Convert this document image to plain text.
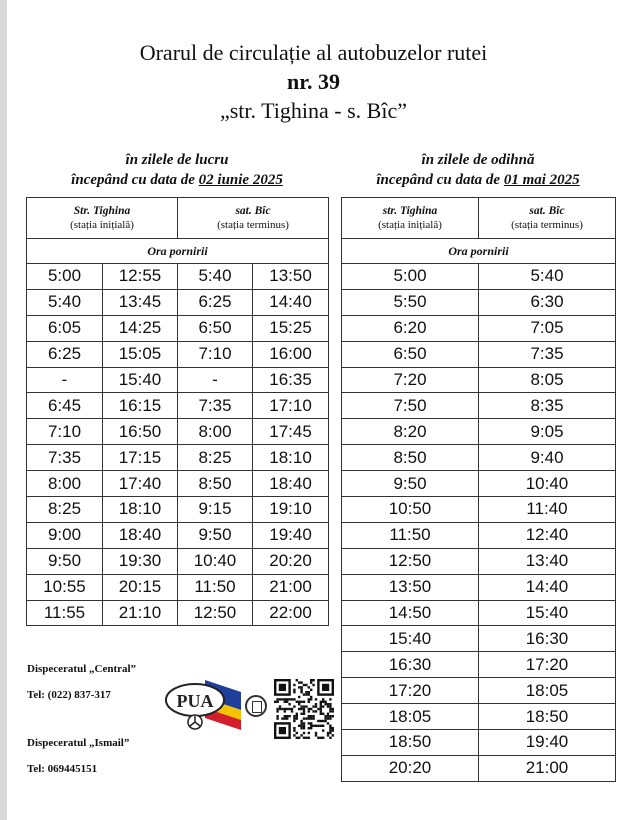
Orarul de circulație al autobuzelor rutei
nr. 39
„str. Tighina - s. Bîc”
în zilele de lucru
începând cu data de 02 iunie 2025
în zilele de odihnă
începând cu data de 01 mai 2025
Str. Tighina
(stația inițială)		sat. Bîc
(stația terminus)	
Ora pornirii			
5:00	12:55	5:40	13:50
5:40	13:45	6:25	14:40
6:05	14:25	6:50	15:25
6:25	15:05	7:10	16:00
-	15:40	-	16:35
6:45	16:15	7:35	17:10
7:10	16:50	8:00	17:45
7:35	17:15	8:25	18:10
8:00	17:40	8:50	18:40
8:25	18:10	9:15	19:10
9:00	18:40	9:50	19:40
9:50	19:30	10:40	20:20
10:55	20:15	11:50	21:00
11:55	21:10	12:50	22:00
str. Tighina
(stația inițială)	sat. Bîc
(stația terminus)
Ora pornirii	
5:00	5:40
5:50	6:30
6:20	7:05
6:50	7:35
7:20	8:05
7:50	8:35
8:20	9:05
8:50	9:40
9:50	10:40
10:50	11:40
11:50	12:40
12:50	13:40
13:50	14:40
14:50	15:40
15:40	16:30
16:30	17:20
17:20	18:05
18:05	18:50
18:50	19:40
20:20	21:00
Dispeceratul „Central”
Tel: (022) 837-317
Dispeceratul „Ismail”
Tel: 069445151
PUA
